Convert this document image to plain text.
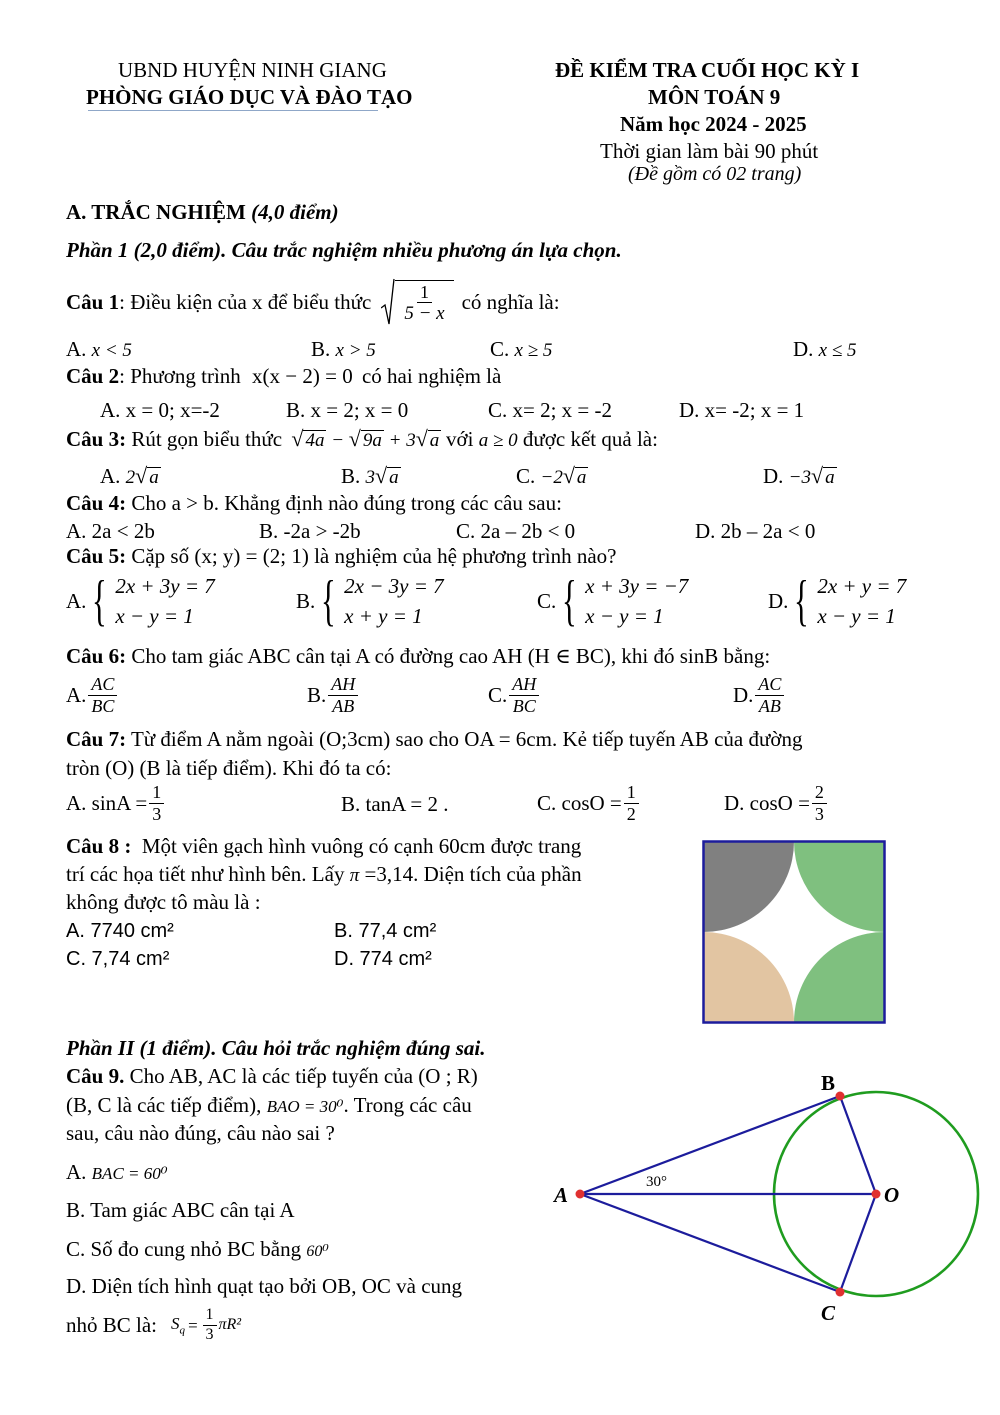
UBND HUYỆN NINH GIANG
PHÒNG GIÁO DỤC VÀ ĐÀO TẠO
ĐỀ KIỂM TRA CUỐI HỌC KỲ I
MÔN TOÁN 9
Năm học 2024 - 2025
Thời gian làm bài 90 phút
(Đề gồm có 02 trang)
A. TRẮC NGHIỆM (4,0 điểm)
Phần 1 (2,0 điểm). Câu trắc nghiệm nhiều phương án lựa chọn.
Câu 1 : Điều kiện của x để biểu thức $\frac{1}{5 - x}$ có nghĩa là:
A. x < 5	B. x > 5	C. x ≥ 5	D. x ≤ 5
Câu 2: Phương trình x(x − 2) = 0 có hai nghiệm là
A. x = 0; x=-2	B. x = 2; x = 0	C. x= 2; x = -2	D. x= -2; x = 1
Câu 3: Rút gọn biểu thức √ 4a − √ 9a + 3√ a với a ≥ 0 được kết quả là:
A. 2√ a	B. 3√ a	C. −2√ a	D. −3√ a
Câu 4: Cho a > b. Khẳng định nào đúng trong các câu sau:
A. 2a < 2b	B. -2a > -2b	C. 2a – 2b < 0	D. 2b – 2a < 0
Câu 5: Cặp số (x; y) = (2; 1) là nghiệm của hệ phương trình nào?
A. { 2x + 3y = 7
x − y = 1
B. { 2x − 3y = 7
x + y = 1
C. { x + 3y = −7
x − y = 1
D. { 2x + y = 7
x − y = 1
Câu 6: Cho tam giác ABC cân tại A có đường cao AH (H ∈ BC), khi đó sinB bằng:
A. $\frac{AC}{BC}$	B. $\frac{AH}{AB}$	C. $\frac{AH}{BC}$	D. $\frac{AC}{AB}$
Câu 7: Từ điểm A nằm ngoài (O;3cm) sao cho OA = 6cm. Kẻ tiếp tuyến AB của đường
tròn (O) (B là tiếp điểm). Khi đó ta có:
A. $\sin A = \frac{1}{3}$	B. tanA = 2 .	C. $\cos O = \frac{1}{2}$	D. $\cos O = \frac{2}{3}$
Câu 8 : Một viên gạch hình vuông có cạnh 60cm được trang
trí các họa tiết như hình bên. Lấy π =3,14. Diện tích của phần
không được tô màu là :
A. 7740 cm²	B. 77,4 cm²
C. 7,74 cm²	D. 774 cm²
Phần II (1 điểm). Câu hỏi trắc nghiệm đúng sai.
Câu 9. Cho AB, AC là các tiếp tuyến của (O ; R)
(B, C là các tiếp điểm), BAO = 30⁰. Trong các câu
sau, câu nào đúng, câu nào sai ?
A. BAC = 60⁰
B. Tam giác ABC cân tại A
C. Số đo cung nhỏ BC bằng 60⁰
D. Diện tích hình quạt tạo bởi OB, OC và cung
nhỏ BC là: $S_q = \frac{1}{3} \pi R^2$
B
A	O
C
30°
